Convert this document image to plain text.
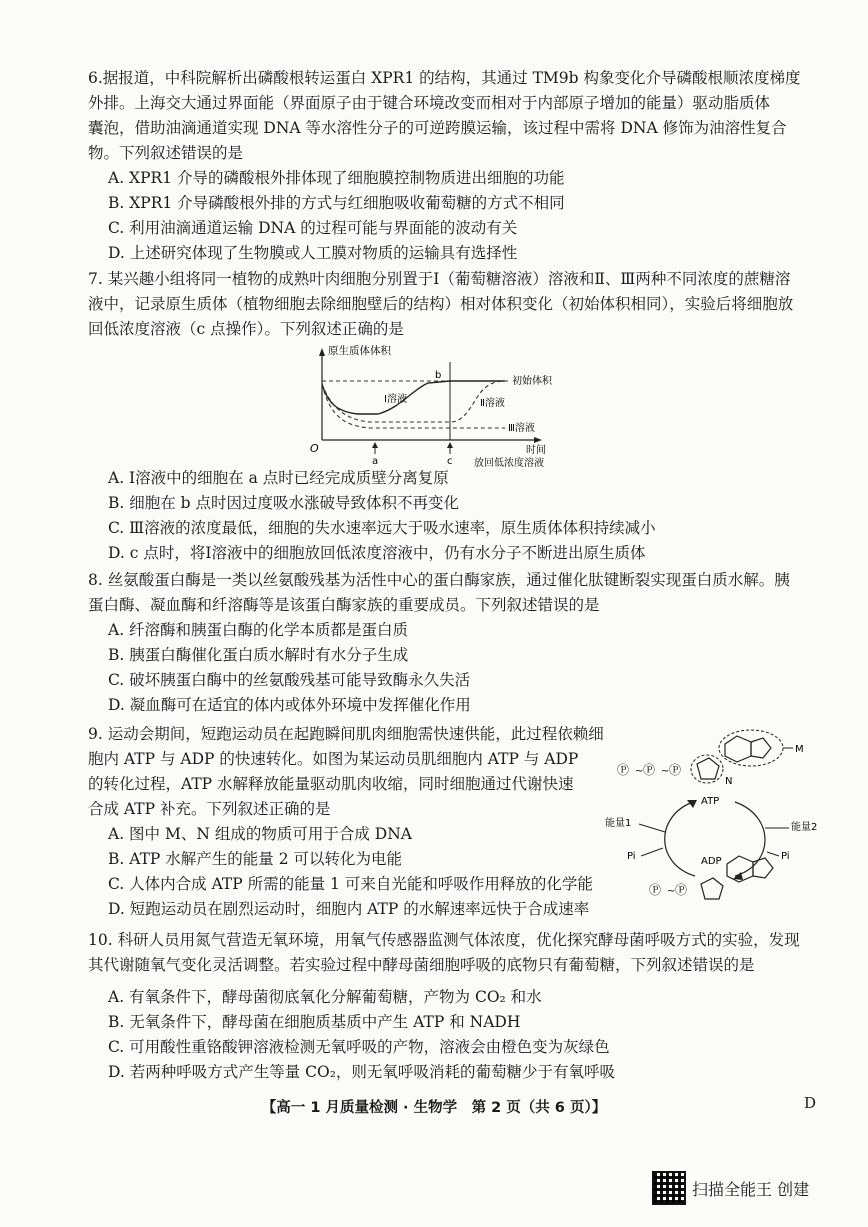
6.据报道，中科院解析出磷酸根转运蛋白 XPR1 的结构，其通过 TM9b 构象变化介导磷酸根顺浓度梯度

外排。上海交大通过界面能（界面原子由于键合环境改变而相对于内部原子增加的能量）驱动脂质体

囊泡，借助油滴通道实现 DNA 等水溶性分子的可逆跨膜运输，该过程中需将 DNA 修饰为油溶性复合

物。下列叙述错误的是

A. XPR1 介导的磷酸根外排体现了细胞膜控制物质进出细胞的功能
B. XPR1 介导磷酸根外排的方式与红细胞吸收葡萄糖的方式不相同
C. 利用油滴通道运输 DNA 的过程可能与界面能的波动有关
D. 上述研究体现了生物膜或人工膜对物质的运输具有选择性

7. 某兴趣小组将同一植物的成熟叶肉细胞分别置于Ⅰ（葡萄糖溶液）溶液和Ⅱ、Ⅲ两种不同浓度的蔗糖溶

液中，记录原生质体（植物细胞去除细胞壁后的结构）相对体积变化（初始体积相同），实验后将细胞放

回低浓度溶液（c 点操作）。下列叙述正确的是

原生质体体积
O
初始体积
Ⅰ溶液	Ⅱ溶液
Ⅲ溶液
b
a	c
时间
放回低浓度溶液
A. Ⅰ溶液中的细胞在 a 点时已经完成质壁分离复原
B. 细胞在 b 点时因过度吸水涨破导致体积不再变化
C. Ⅲ溶液的浓度最低，细胞的失水速率远大于吸水速率，原生质体体积持续减小
D. c 点时，将Ⅰ溶液中的细胞放回低浓度溶液中，仍有水分子不断进出原生质体

8. 丝氨酸蛋白酶是一类以丝氨酸残基为活性中心的蛋白酶家族，通过催化肽键断裂实现蛋白质水解。胰

蛋白酶、凝血酶和纤溶酶等是该蛋白酶家族的重要成员。下列叙述错误的是

A. 纤溶酶和胰蛋白酶的化学本质都是蛋白质
B. 胰蛋白酶催化蛋白质水解时有水分子生成
C. 破坏胰蛋白酶中的丝氨酸残基可能导致酶永久失活
D. 凝血酶可在适宜的体内或体外环境中发挥催化作用

9. 运动会期间，短跑运动员在起跑瞬间肌肉细胞需快速供能，此过程依赖细

胞内 ATP 与 ADP 的快速转化。如图为某运动员肌细胞内 ATP 与 ADP

的转化过程，ATP 水解释放能量驱动肌肉收缩，同时细胞通过代谢快速

合成 ATP 补充。下列叙述正确的是

A. 图中 M、N 组成的物质可用于合成 DNA
B. ATP 水解产生的能量 2 可以转化为电能
C. 人体内合成 ATP 所需的能量 1 可来自光能和呼吸作用释放的化学能
D. 短跑运动员在剧烈运动时，细胞内 ATP 的水解速率远快于合成速率
Ⓟ ~ Ⓟ ~ Ⓟ
N
M
ATP
能量1	能量2
Pi	Pi
ADP
Ⓟ ~ Ⓟ

10. 科研人员用氮气营造无氧环境，用氧气传感器监测气体浓度，优化探究酵母菌呼吸方式的实验，发现

其代谢随氧气变化灵活调整。若实验过程中酵母菌细胞呼吸的底物只有葡萄糖，下列叙述错误的是

A. 有氧条件下，酵母菌彻底氧化分解葡萄糖，产物为 CO₂ 和水
B. 无氧条件下，酵母菌在细胞质基质中产生 ATP 和 NADH
C. 可用酸性重铬酸钾溶液检测无氧呼吸的产物，溶液会由橙色变为灰绿色
D. 若两种呼吸方式产生等量 CO₂，则无氧呼吸消耗的葡萄糖少于有氧呼吸
【高一 1 月质量检测 · 生物学　第 2 页（共 6 页）】	D
扫描全能王 创建
